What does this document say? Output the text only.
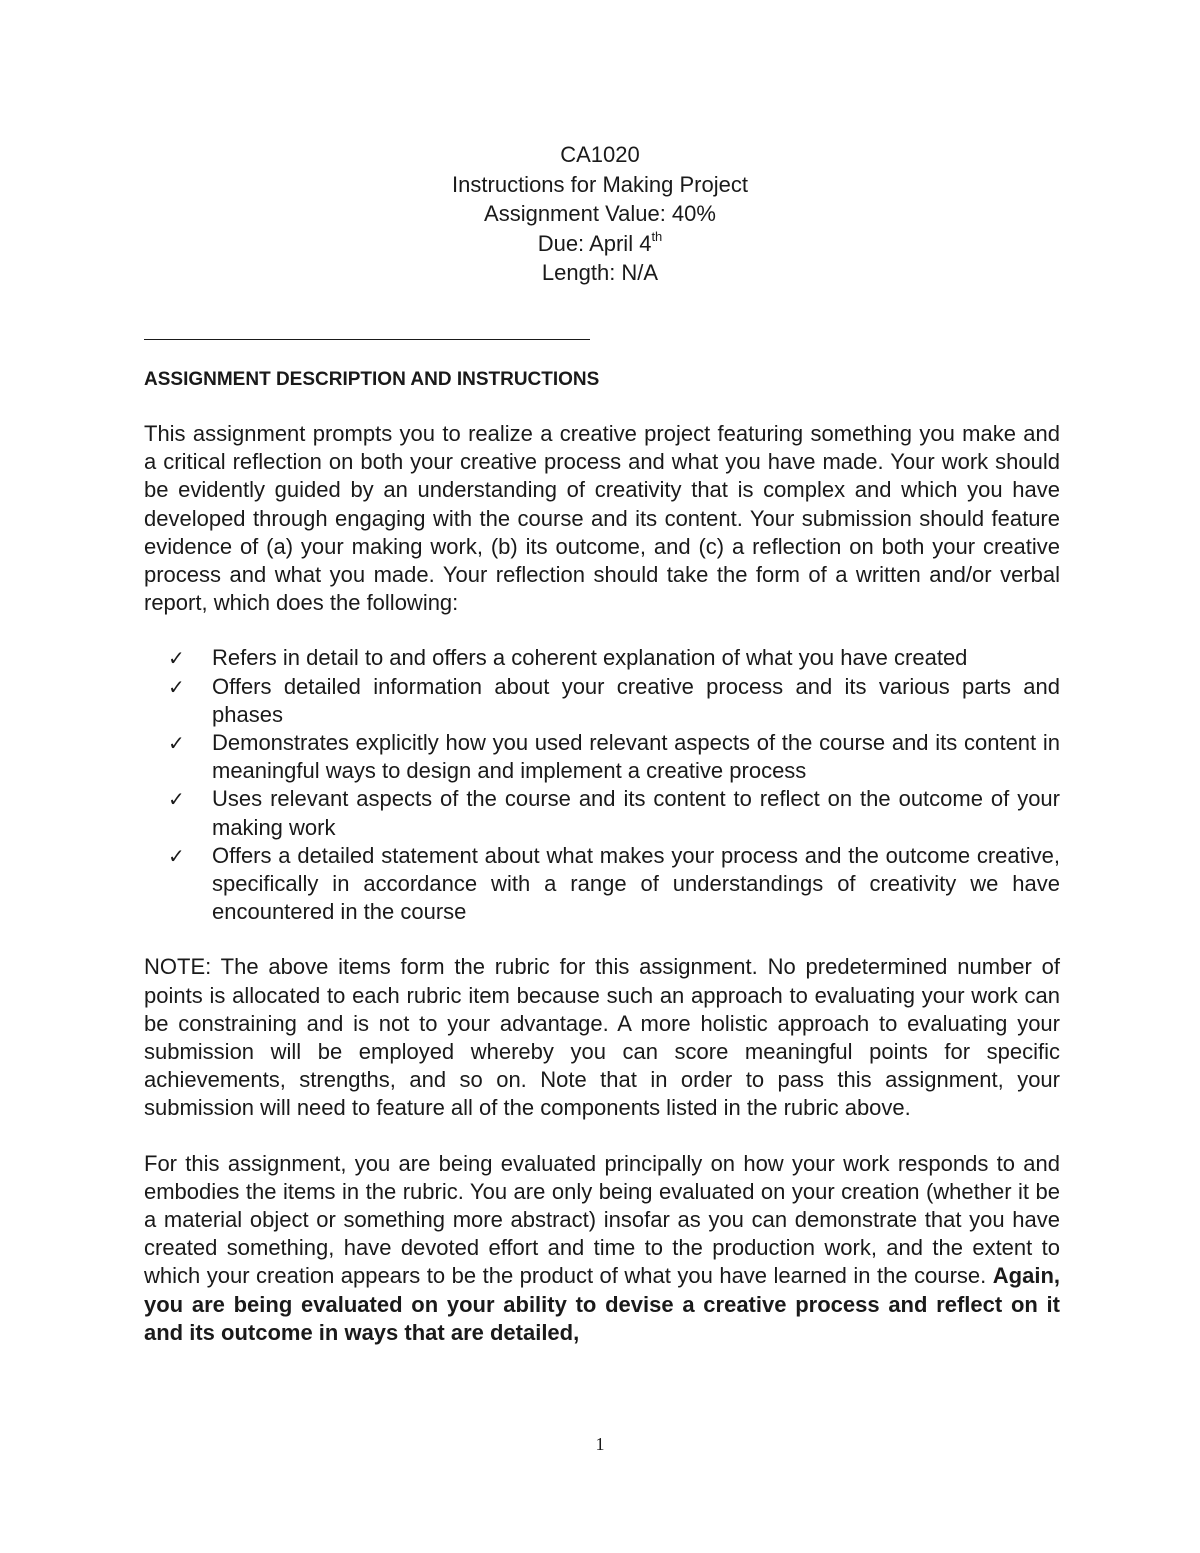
CA1020
Instructions for Making Project
Assignment Value: 40%
Due: April 4th
Length: N/A
ASSIGNMENT DESCRIPTION AND INSTRUCTIONS

This assignment prompts you to realize a creative project featuring something you make and a critical reflection on both your creative process and what you have made. Your work should be evidently guided by an understanding of creativity that is complex and which you have developed through engaging with the course and its content. Your submission should feature evidence of (a) your making work, (b) its outcome, and (c) a reflection on both your creative process and what you made. Your reflection should take the form of a written and/or verbal report, which does the following:

✓ Refers in detail to and offers a coherent explanation of what you have created
✓ Offers detailed information about your creative process and its various parts and phases
✓ Demonstrates explicitly how you used relevant aspects of the course and its content in meaningful ways to design and implement a creative process
✓ Uses relevant aspects of the course and its content to reflect on the outcome of your making work
✓ Offers a detailed statement about what makes your process and the outcome creative, specifically in accordance with a range of understandings of creativity we have encountered in the course

NOTE: The above items form the rubric for this assignment. No predetermined number of points is allocated to each rubric item because such an approach to evaluating your work can be constraining and is not to your advantage. A more holistic approach to evaluating your submission will be employed whereby you can score meaningful points for specific achievements, strengths, and so on. Note that in order to pass this assignment, your submission will need to feature all of the components listed in the rubric above.

For this assignment, you are being evaluated principally on how your work responds to and embodies the items in the rubric. You are only being evaluated on your creation (whether it be a material object or something more abstract) insofar as you can demonstrate that you have created something, have devoted effort and time to the production work, and the extent to which your creation appears to be the product of what you have learned in the course. Again, you are being evaluated on your ability to devise a creative process and reflect on it and its outcome in ways that are detailed,

1
